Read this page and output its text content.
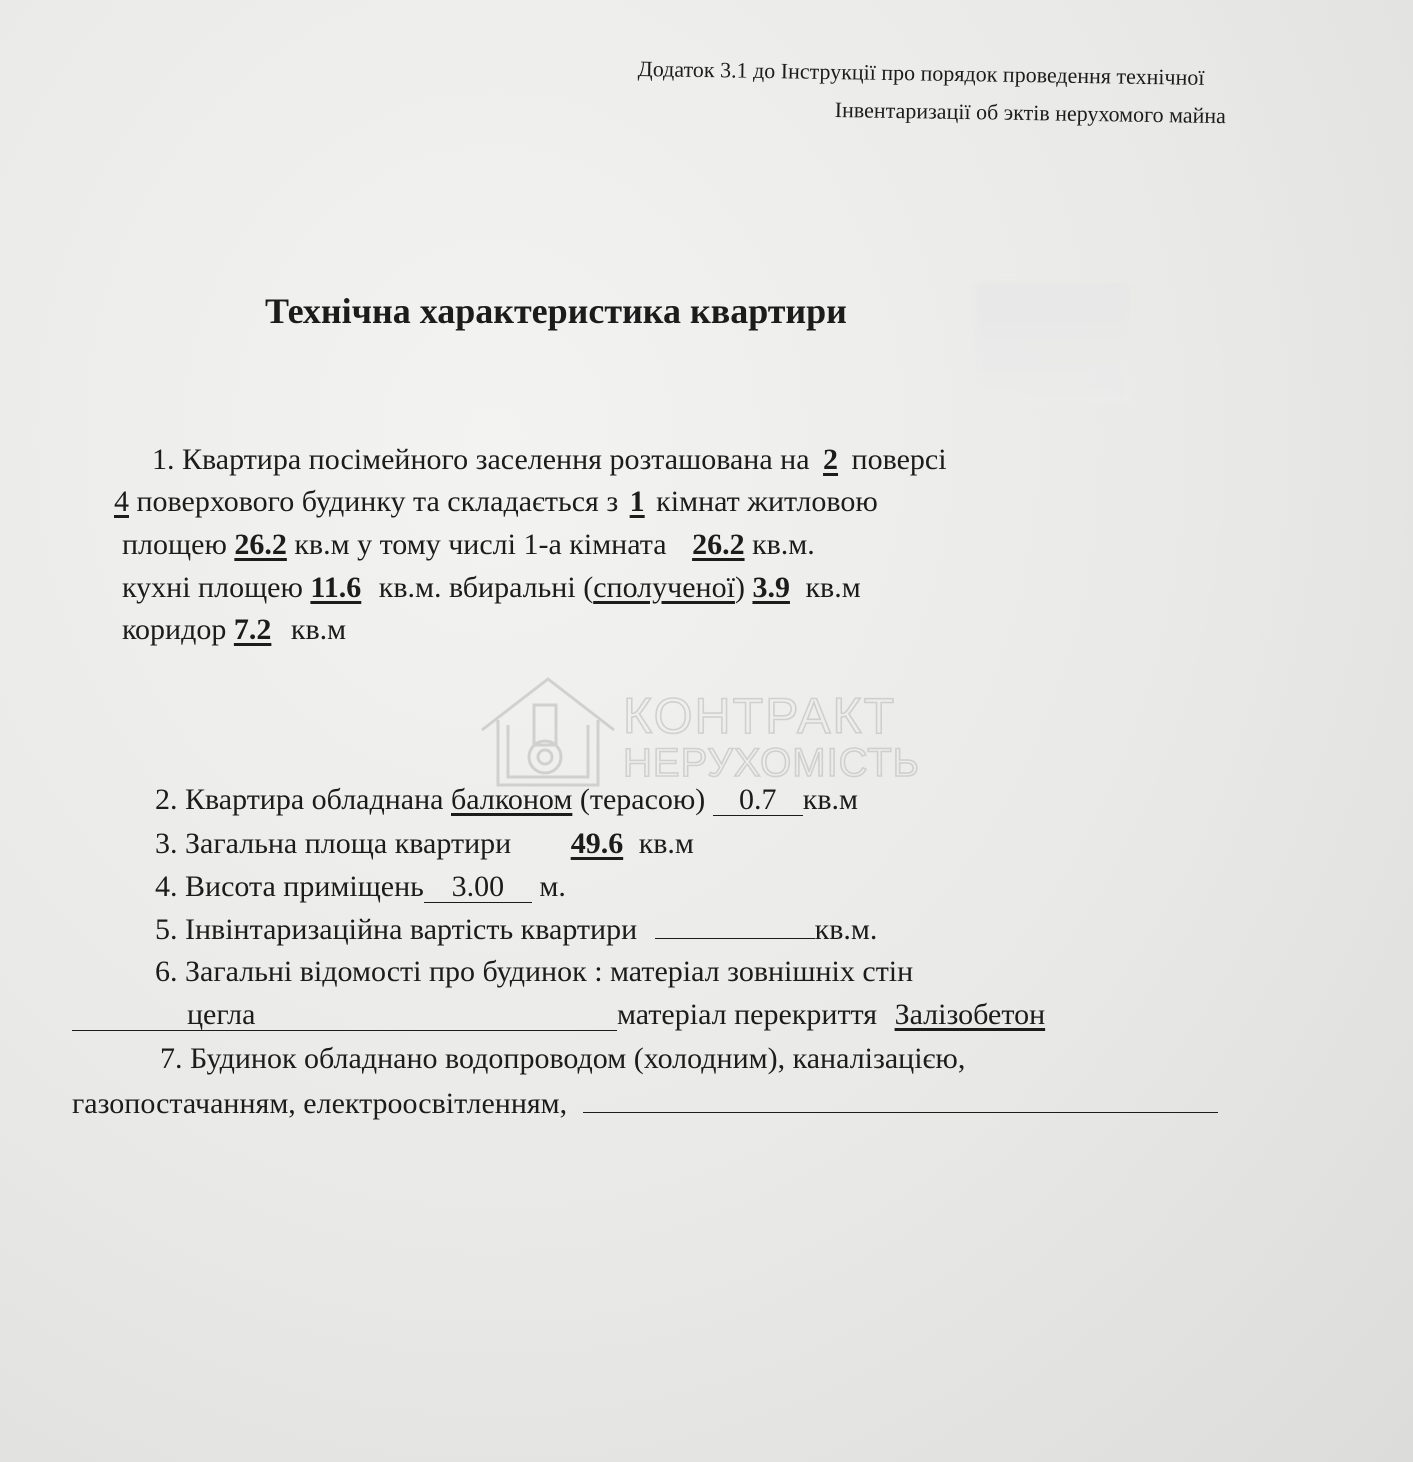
Додаток 3.1 до Інструкції про порядок проведення технічної
Інвентаризації об эктів нерухомого майна
Технічна характеристика квартири
1. Квартира посімейного заселення розташована на 2 поверсі
4 поверхового будинку та складається з 1 кімнат житловою
площею 26.2 кв.м у тому числі 1-а кімната 26.2 кв.м.
кухні площею 11.6 кв.м. вбиральні (сполученої) 3.9 кв.м
коридор 7.2 кв.м
КОНТРАКТ
НЕРУХОМІСТЬ
2. Квартира обладнана балконом (терасою) 0.7 кв.м
3. Загальна площа квартири 49.6 кв.м
4. Висота приміщень 3.00 м.
5. Інвінтаризаційна вартість квартири	кв.м.
6. Загальні відомості про будинок : матеріал зовнішніх стін
цегла	матеріал перекриття Залізобетон
7. Будинок обладнано водопроводом (холодним), каналізацією,
газопостачанням, електроосвітленням,
